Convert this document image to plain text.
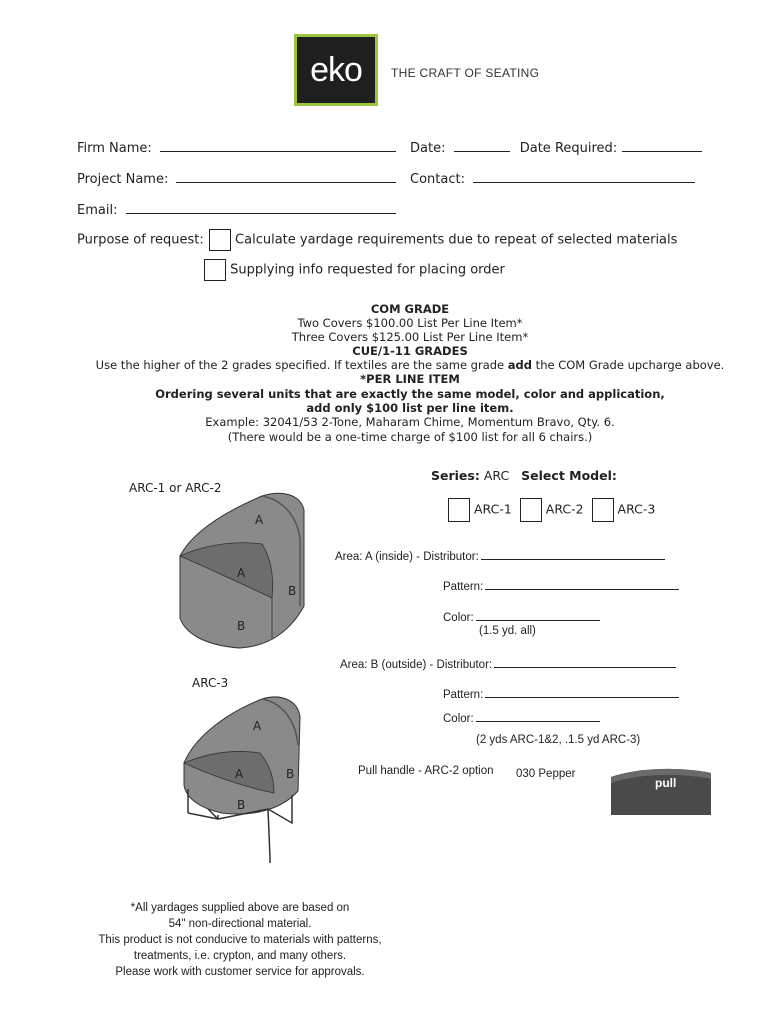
eko	THE CRAFT OF SEATING
Firm Name:	Date:	Date Required:
Project Name:	Contact:
Email:
Purpose of request: Calculate yardage requirements due to repeat of selected materials
Supplying info requested for placing order
COM GRADE
Two Covers $100.00 List Per Line Item*
Three Covers $125.00 List Per Line Item*
CUE/1-11 GRADES
Use the higher of the 2 grades specified. If textiles are the same grade add the COM Grade upcharge above.
*PER LINE ITEM
Ordering several units that are exactly the same model, color and application,
add only $100 list per line item.
Example: 32041/53 2-Tone, Maharam Chime, Momentum Bravo, Qty. 6.
(There would be a one-time charge of $100 list for all 6 chairs.)
ARC-1 or ARC-2
ARC-3
A
A
B
B
A
A	B
B
Series: ARC Select Model:
ARC-1	ARC-2	ARC-3
Area: A (inside) - Distributor:
Pattern:
Color:
(1.5 yd. all)
Area: B (outside) - Distributor:
Pattern:
Color:
(2 yds ARC-1&2, .1.5 yd ARC-3)
Pull handle - ARC-2 option 030 Pepper
pull
*All yardages supplied above are based on
54" non-directional material.
This product is not conducive to materials with patterns,
treatments, i.e. crypton, and many others.
Please work with customer service for approvals.
